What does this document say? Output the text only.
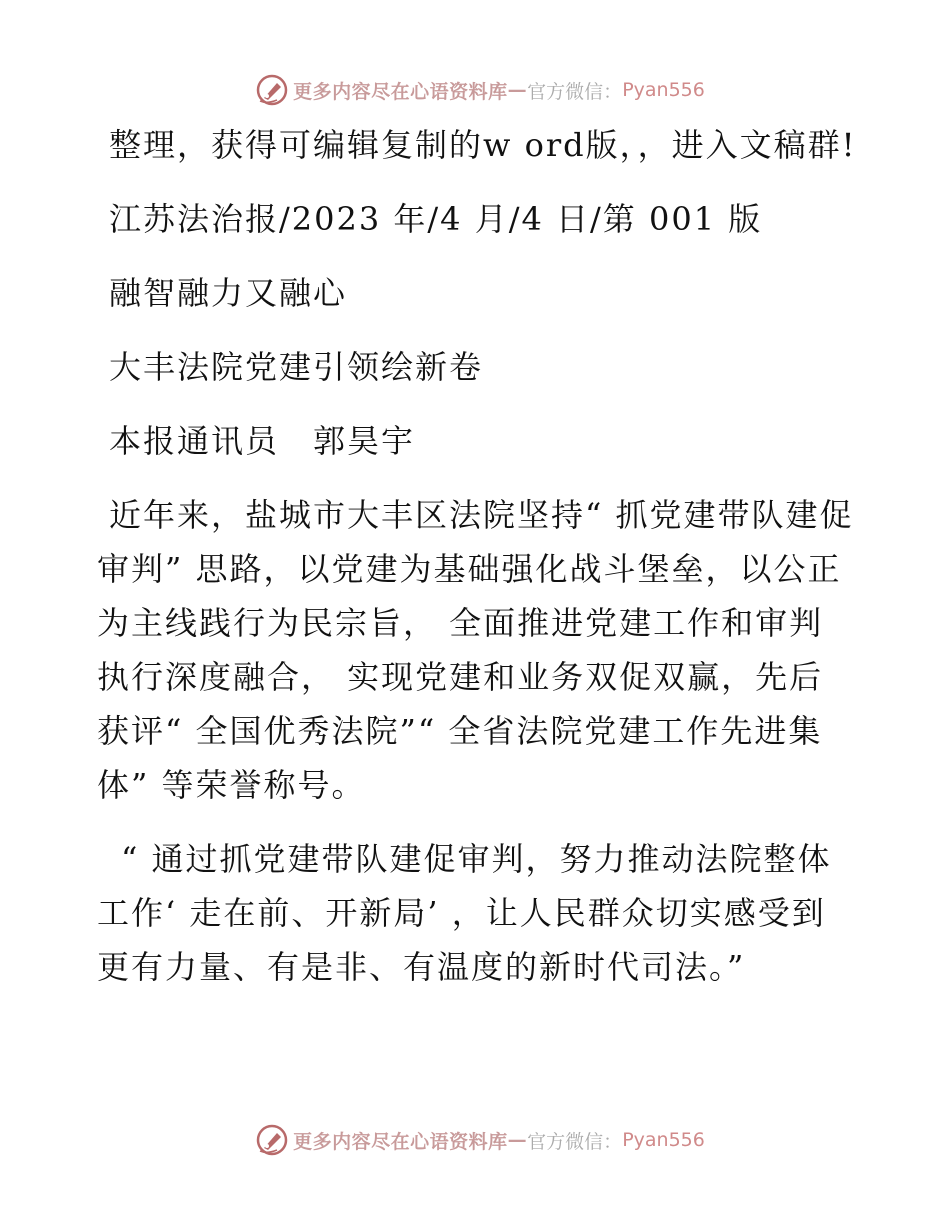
更多内容尽在心语资料库 — 官方微信： Pyan556

整理，获得可编辑复制的w ord版，，进入文稿群!

江苏法治报/2023 年/4 月/4 日/第 001 版

融智融力又融心

大丰法院党建引领绘新卷

本报通讯员　郭昊宇

近年来，盐城市大丰区法院坚持“ 抓党建带队建促审判” 思路，以党建为基础强化战斗堡垒，以公正为主线践行为民宗旨， 全面推进党建工作和审判执行深度融合， 实现党建和业务双促双赢，先后获评“ 全国优秀法院”“ 全省法院党建工作先进集体” 等荣誉称号。

“ 通过抓党建带队建促审判，努力推动法院整体工作‘ 走在前、开新局’ ，让人民群众切实感受到更有力量、有是非、有温度的新时代司法。”

更多内容尽在心语资料库 — 官方微信： Pyan556
